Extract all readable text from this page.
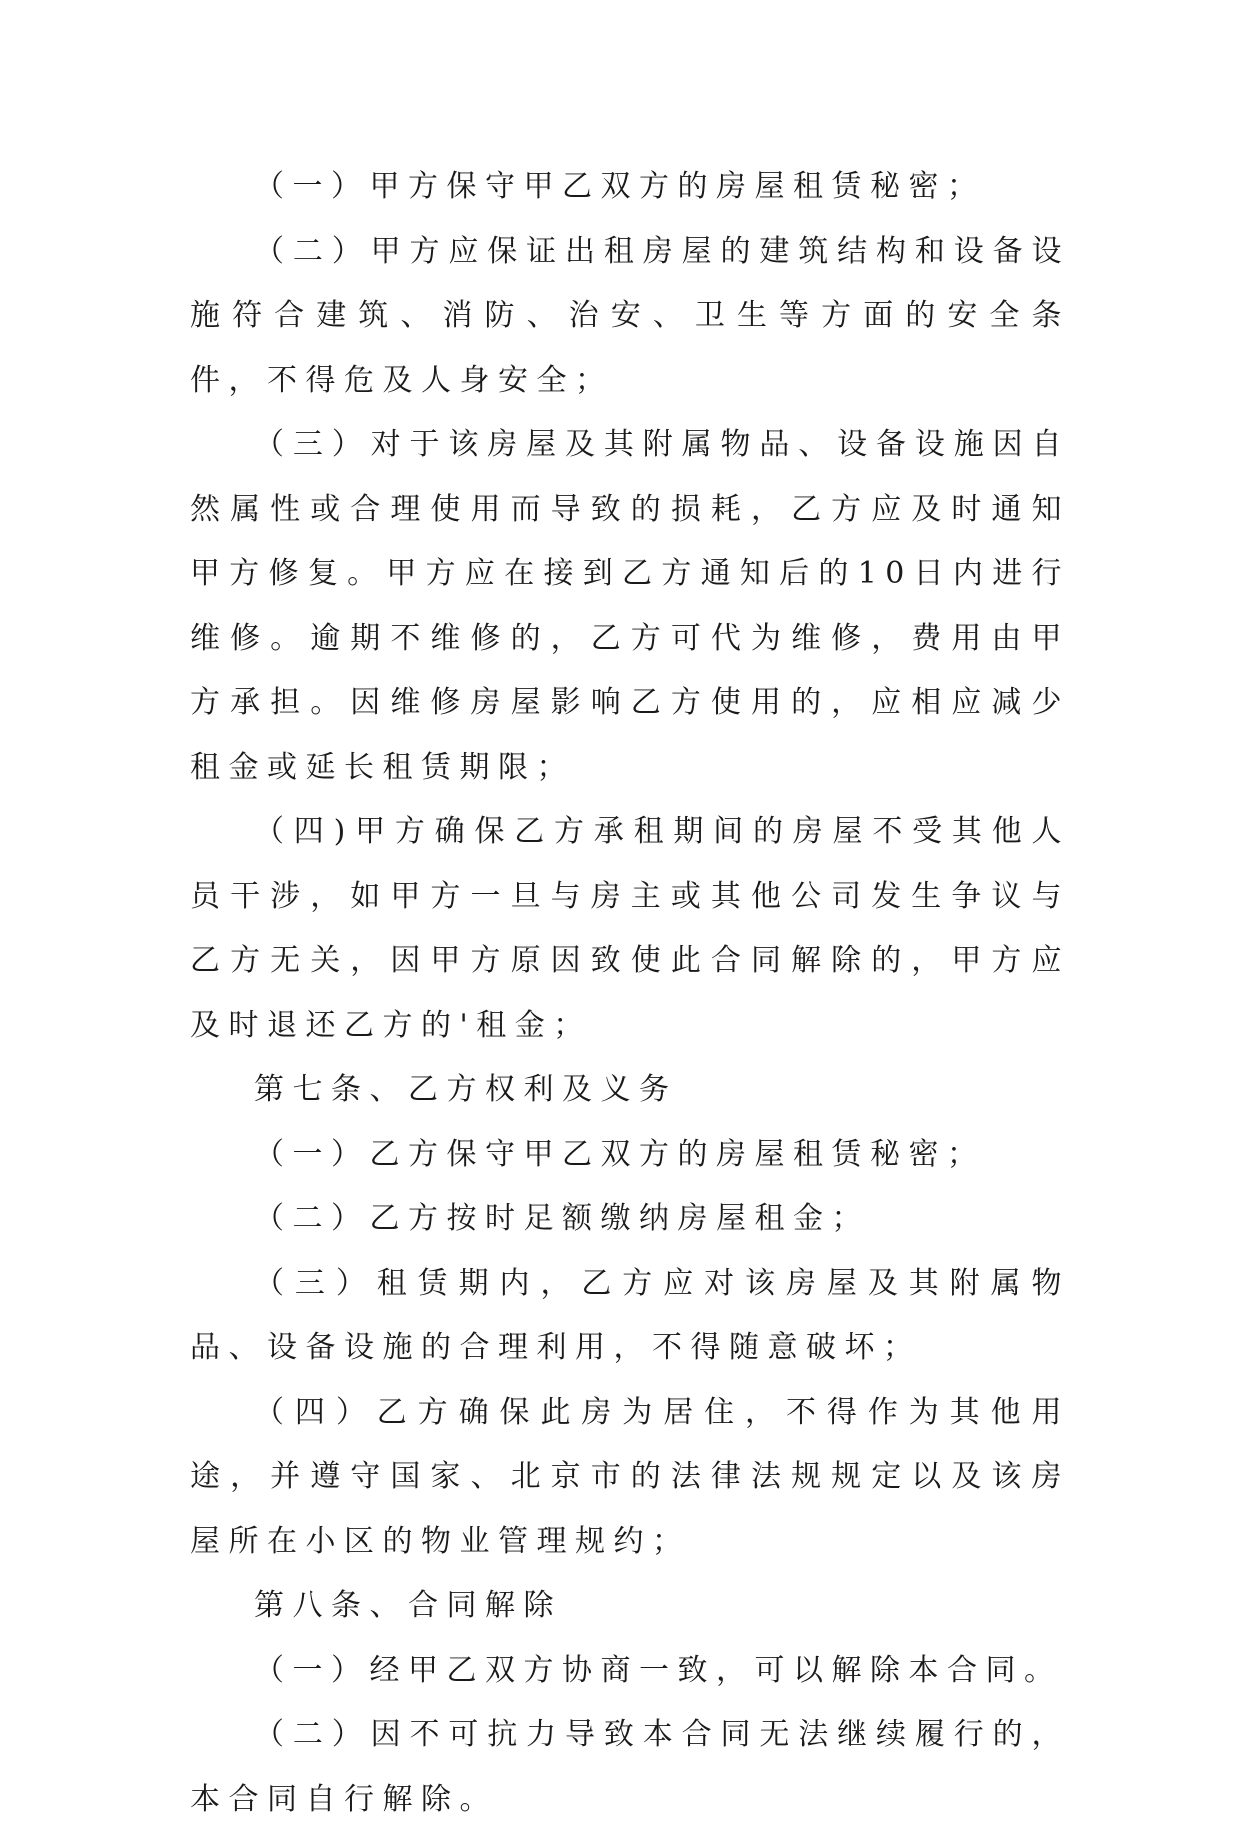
（一）甲方保守甲乙双方的房屋租赁秘密；

（二）甲方应保证出租房屋的建筑结构和设备设施符合建筑、消防、治安、卫生等方面的安全条件，不得危及人身安全；

（三）对于该房屋及其附属物品、设备设施因自然属性或合理使用而导致的损耗，乙方应及时通知甲方修复。甲方应在接到乙方通知后的10日内进行维修。逾期不维修的，乙方可代为维修，费用由甲方承担。因维修房屋影响乙方使用的，应相应减少租金或延长租赁期限；

（四)甲方确保乙方承租期间的房屋不受其他人员干涉，如甲方一旦与房主或其他公司发生争议与乙方无关，因甲方原因致使此合同解除的，甲方应及时退还乙方的'租金；

第七条、乙方权利及义务

（一）乙方保守甲乙双方的房屋租赁秘密；

（二）乙方按时足额缴纳房屋租金；

（三）租赁期内，乙方应对该房屋及其附属物品、设备设施的合理利用，不得随意破坏；

（四）乙方确保此房为居住，不得作为其他用途，并遵守国家、北京市的法律法规规定以及该房屋所在小区的物业管理规约；

第八条、合同解除

（一）经甲乙双方协商一致，可以解除本合同。

（二）因不可抗力导致本合同无法继续履行的，本合同自行解除。
